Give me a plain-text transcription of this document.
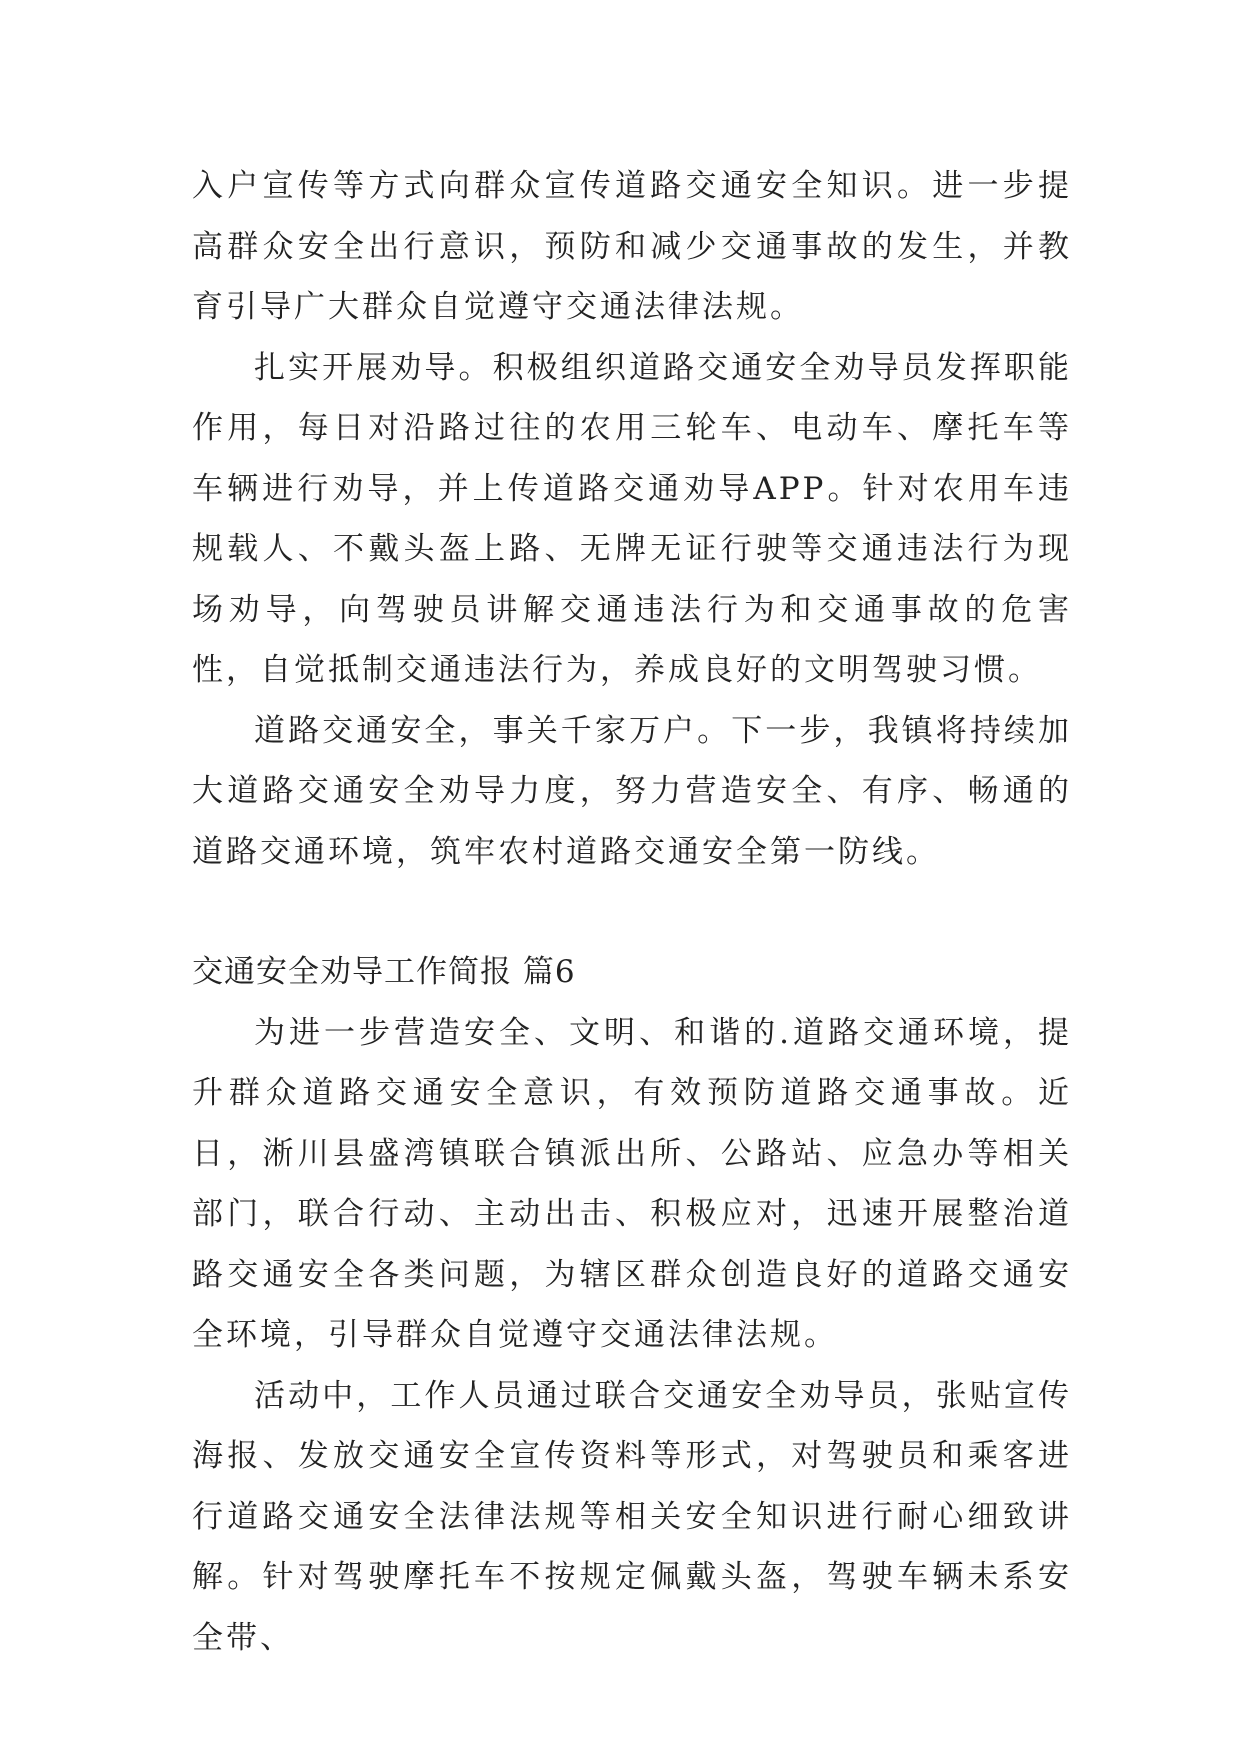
入户宣传等方式向群众宣传道路交通安全知识。进一步提高群众安全出行意识，预防和减少交通事故的发生，并教育引导广大群众自觉遵守交通法律法规。

扎实开展劝导。积极组织道路交通安全劝导员发挥职能作用，每日对沿路过往的农用三轮车、电动车、摩托车等车辆进行劝导，并上传道路交通劝导APP。针对农用车违规载人、不戴头盔上路、无牌无证行驶等交通违法行为现场劝导，向驾驶员讲解交通违法行为和交通事故的危害性，自觉抵制交通违法行为，养成良好的文明驾驶习惯。

道路交通安全，事关千家万户。下一步，我镇将持续加大道路交通安全劝导力度，努力营造安全、有序、畅通的道路交通环境，筑牢农村道路交通安全第一防线。

交通安全劝导工作简报 篇6

为进一步营造安全、文明、和谐的.道路交通环境，提升群众道路交通安全意识，有效预防道路交通事故。近日，淅川县盛湾镇联合镇派出所、公路站、应急办等相关部门，联合行动、主动出击、积极应对，迅速开展整治道路交通安全各类问题，为辖区群众创造良好的道路交通安全环境，引导群众自觉遵守交通法律法规。

活动中，工作人员通过联合交通安全劝导员，张贴宣传海报、发放交通安全宣传资料等形式，对驾驶员和乘客进行道路交通安全法律法规等相关安全知识进行耐心细致讲解。针对驾驶摩托车不按规定佩戴头盔，驾驶车辆未系安全带、
